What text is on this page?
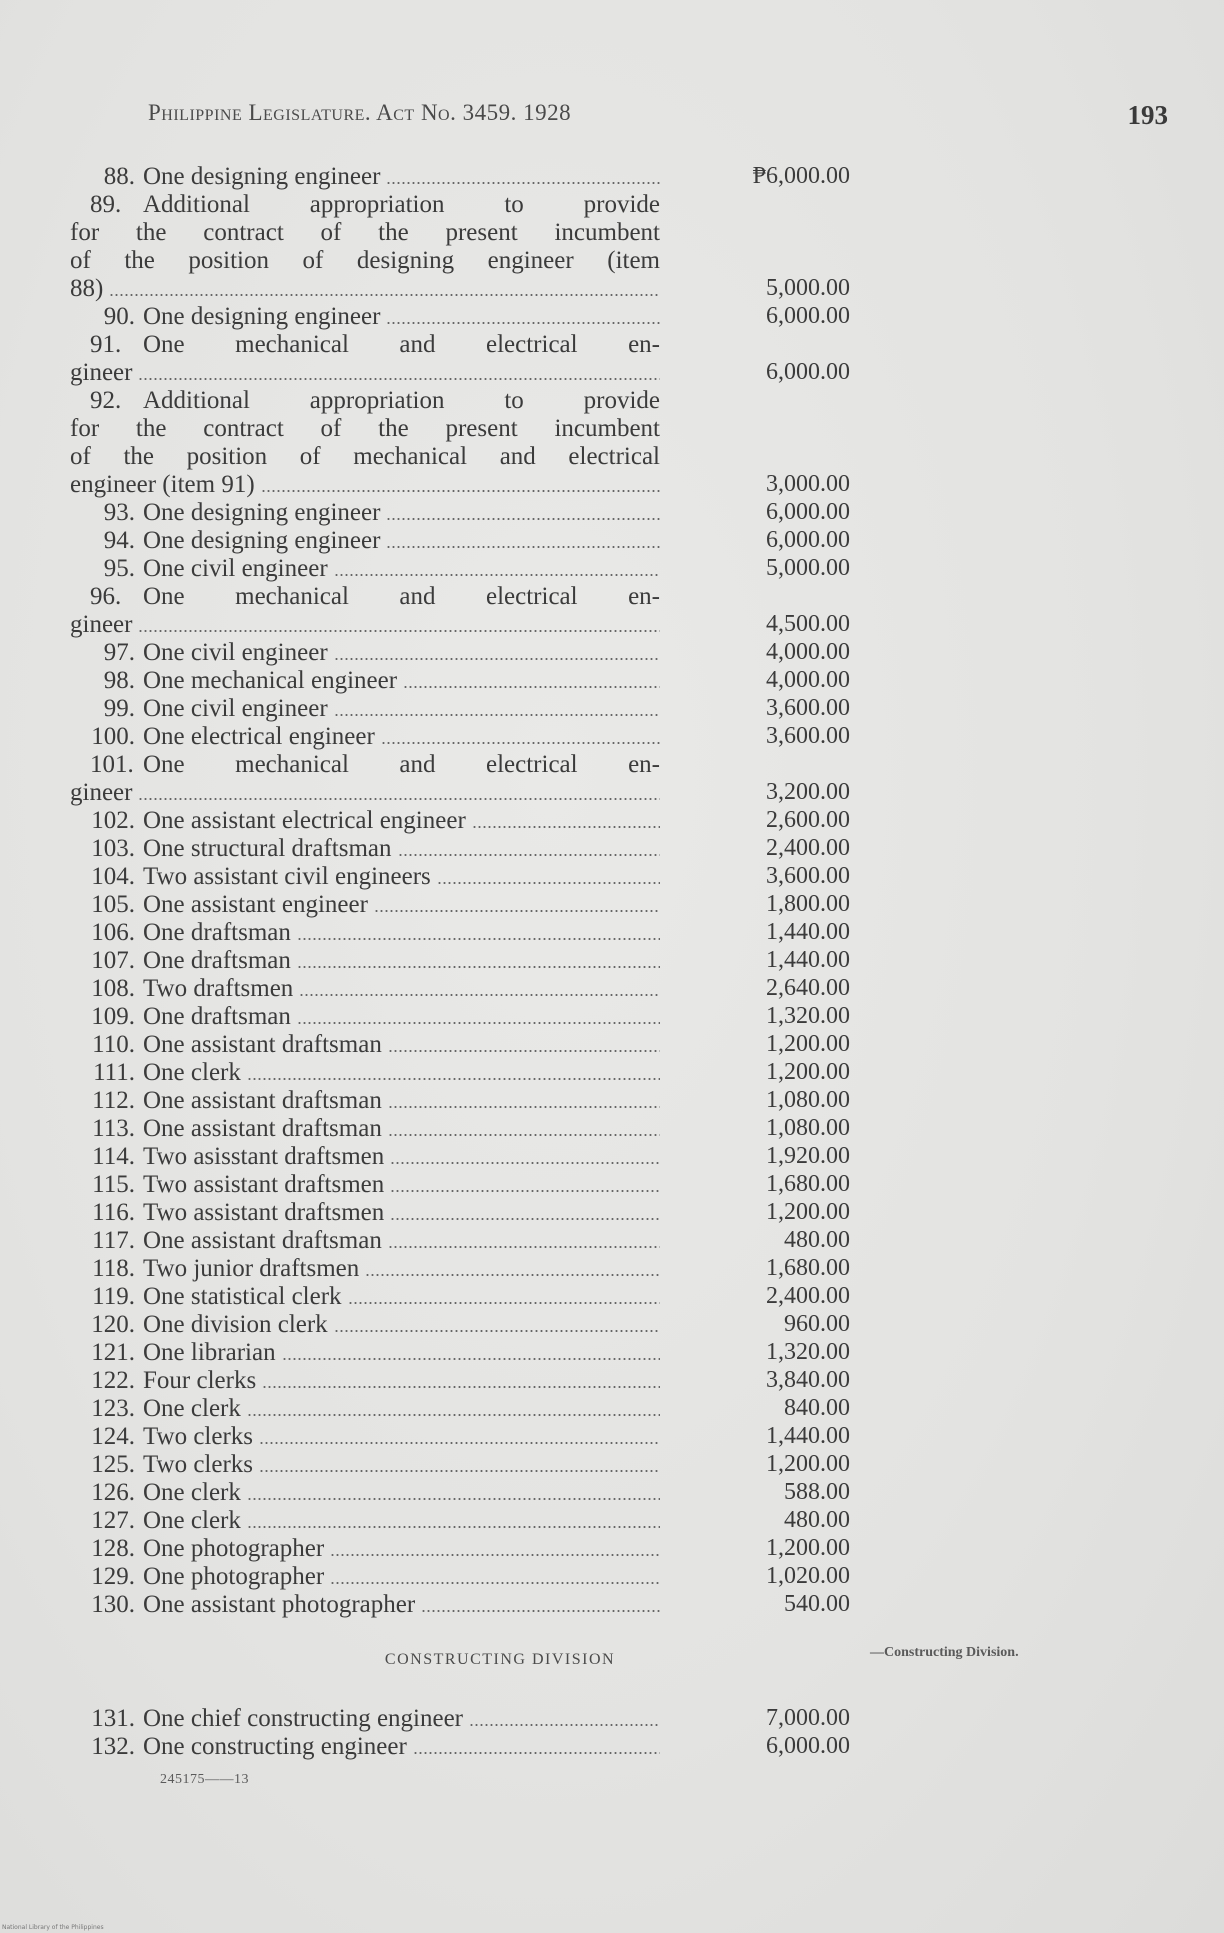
Philippine Legislature. Act No. 3459. 1928	193
88. One designing engineer	₱6,000.00
89. Additional appropriation to provide
for the contract of the present incumbent
of the position of designing engineer (item
88)	5,000.00
90. One designing engineer	6,000.00
91. One mechanical and electrical en-
gineer	6,000.00
92. Additional appropriation to provide
for the contract of the present incumbent
of the position of mechanical and electrical
engineer (item 91)	3,000.00
93. One designing engineer	6,000.00
94. One designing engineer	6,000.00
95. One civil engineer	5,000.00
96. One mechanical and electrical en-
gineer	4,500.00
97. One civil engineer	4,000.00
98. One mechanical engineer	4,000.00
99. One civil engineer	3,600.00
100. One electrical engineer	3,600.00
101. One mechanical and electrical en-
gineer	3,200.00
102. One assistant electrical engineer	2,600.00
103. One structural draftsman	2,400.00
104. Two assistant civil engineers	3,600.00
105. One assistant engineer	1,800.00
106. One draftsman	1,440.00
107. One draftsman	1,440.00
108. Two draftsmen	2,640.00
109. One draftsman	1,320.00
110. One assistant draftsman	1,200.00
111. One clerk	1,200.00
112. One assistant draftsman	1,080.00
113. One assistant draftsman	1,080.00
114. Two asisstant draftsmen	1,920.00
115. Two assistant draftsmen	1,680.00
116. Two assistant draftsmen	1,200.00
117. One assistant draftsman	480.00
118. Two junior draftsmen	1,680.00
119. One statistical clerk	2,400.00
120. One division clerk	960.00
121. One librarian	1,320.00
122. Four clerks	3,840.00
123. One clerk	840.00
124. Two clerks	1,440.00
125. Two clerks	1,200.00
126. One clerk	588.00
127. One clerk	480.00
128. One photographer	1,200.00
129. One photographer	1,020.00
130. One assistant photographer	540.00
CONSTRUCTING DIVISION	—Constructing Division.
131. One chief constructing engineer	7,000.00
132. One constructing engineer	6,000.00
245175——13
National Library of the Philippines
